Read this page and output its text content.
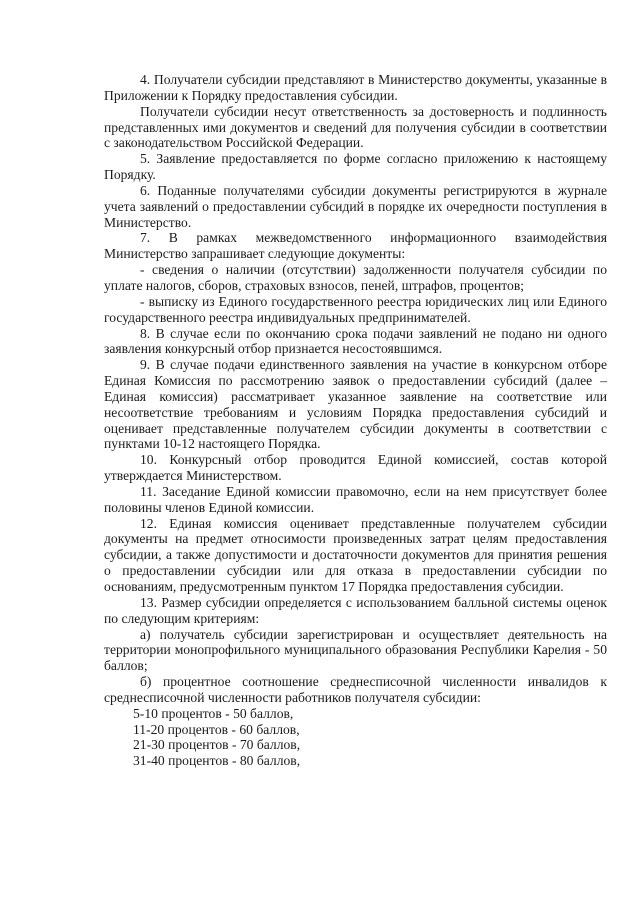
4. Получатели субсидии представляют в Министерство документы, указанные в Приложении к Порядку предоставления субсидии.

Получатели субсидии несут ответственность за достоверность и подлинность представленных ими документов и сведений для получения субсидии в соответствии с законодательством Российской Федерации.

5. Заявление предоставляется по форме согласно приложению к настоящему Порядку.

6. Поданные получателями субсидии документы регистрируются в журнале учета заявлений о предоставлении субсидий в порядке их очередности поступления в Министерство.

7. В рамках межведомственного информационного взаимодействия Министерство запрашивает следующие документы:

- сведения о наличии (отсутствии) задолженности получателя субсидии по уплате налогов, сборов, страховых взносов, пеней, штрафов, процентов;

- выписку из Единого государственного реестра юридических лиц или Единого государственного реестра индивидуальных предпринимателей.

8. В случае если по окончанию срока подачи заявлений не подано ни одного заявления конкурсный отбор признается несостоявшимся.

9. В случае подачи единственного заявления на участие в конкурсном отборе Единая Комиссия по рассмотрению заявок о предоставлении субсидий (далее – Единая комиссия) рассматривает указанное заявление на соответствие или несоответствие требованиям и условиям Порядка предоставления субсидий и оценивает представленные получателем субсидии документы в соответствии с пунктами 10-12 настоящего Порядка.

10. Конкурсный отбор проводится Единой комиссией, состав которой утверждается Министерством.

11. Заседание Единой комиссии правомочно, если на нем присутствует более половины членов Единой комиссии.

12. Единая комиссия оценивает представленные получателем субсидии документы на предмет относимости произведенных затрат целям предоставления субсидии, а также допустимости и достаточности документов для принятия решения о предоставлении субсидии или для отказа в предоставлении субсидии по основаниям, предусмотренным пунктом 17 Порядка предоставления субсидии.

13. Размер субсидии определяется с использованием балльной системы оценок по следующим критериям:

а) получатель субсидии зарегистрирован и осуществляет деятельность на территории монопрофильного муниципального образования Республики Карелия - 50 баллов;

б) процентное соотношение среднесписочной численности инвалидов к среднесписочной численности работников получателя субсидии:

5-10 процентов - 50 баллов,

11-20 процентов - 60 баллов,

21-30 процентов - 70 баллов,

31-40 процентов - 80 баллов,
